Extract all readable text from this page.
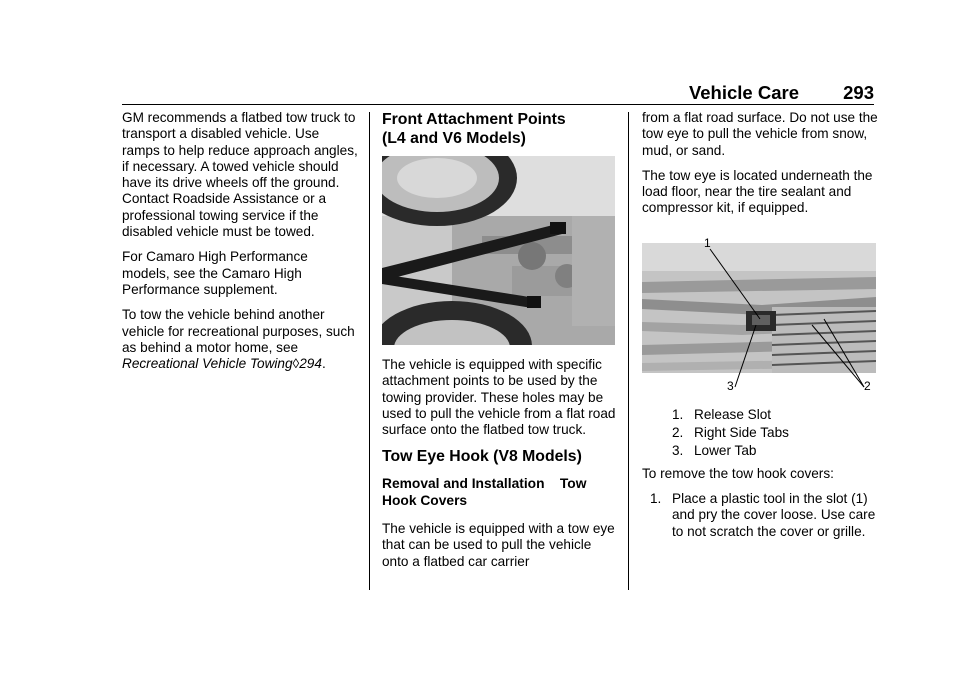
Vehicle Care 293

GM recommends a flatbed tow truck to transport a disabled vehicle. Use ramps to help reduce approach angles, if necessary. A towed vehicle should have its drive wheels off the ground. Contact Roadside Assistance or a professional towing service if the disabled vehicle must be towed.

For Camaro High Performance models, see the Camaro High Performance supplement.

To tow the vehicle behind another vehicle for recreational purposes, such as behind a motor home, see Recreational Vehicle Towing◊294.

Front Attachment Points
(L4 and V6 Models)

The vehicle is equipped with specific attachment points to be used by the towing provider. These holes may be used to pull the vehicle from a flat road surface onto the flatbed tow truck.

Tow Eye Hook (V8 Models)
Removal and Installation    Tow Hook Covers

The vehicle is equipped with a tow eye that can be used to pull the vehicle onto a flatbed car carrier

from a flat road surface. Do not use the tow eye to pull the vehicle from snow, mud, or sand.

The tow eye is located underneath the load floor, near the tire sealant and compressor kit, if equipped.

1
2
3
1. Release Slot
2. Right Side Tabs
3. Lower Tab

To remove the tow hook covers:

1. Place a plastic tool in the slot (1) and pry the cover loose. Use care to not scratch the cover or grille.
